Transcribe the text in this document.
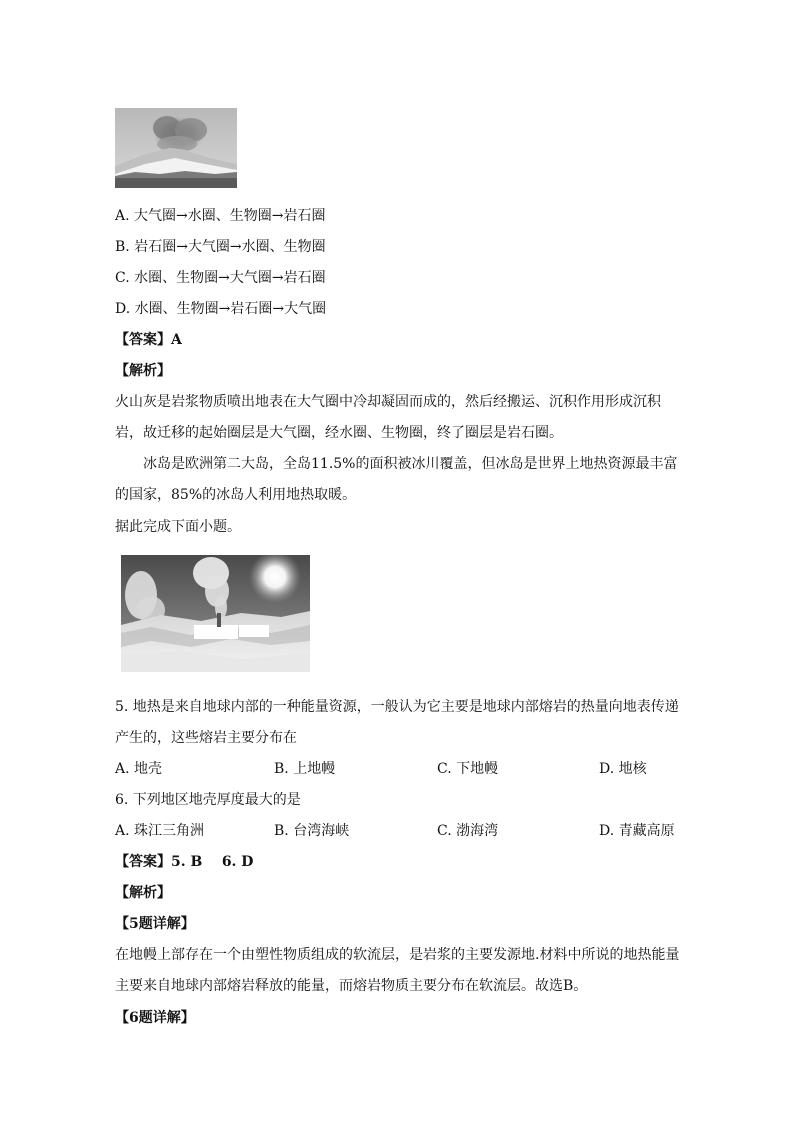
A. 大气圈→水圈、生物圈→岩石圈
B. 岩石圈→大气圈→水圈、生物圈
C. 水圈、生物圈→大气圈→岩石圈
D. 水圈、生物圈→岩石圈→大气圈
【答案】A
【解析】
火山灰是岩浆物质喷出地表在大气圈中冷却凝固而成的，然后经搬运、沉积作用形成沉积岩，故迁移的起始圈层是大气圈，经水圈、生物圈，终了圈层是岩石圈。
冰岛是欧洲第二大岛，全岛11.5%的面积被冰川覆盖，但冰岛是世界上地热资源最丰富的国家，85%的冰岛人利用地热取暖。
据此完成下面小题。
5. 地热是来自地球内部的一种能量资源，一般认为它主要是地球内部熔岩的热量向地表传递
产生的，这些熔岩主要分布在
A. 地壳	B. 上地幔	C. 下地幔	D. 地核
6. 下列地区地壳厚度最大的是
A. 珠江三角洲	B. 台湾海峡	C. 渤海湾	D. 青藏高原
【答案】5. B    6. D
【解析】
【5题详解】
在地幔上部存在一个由塑性物质组成的软流层，是岩浆的主要发源地.材料中所说的地热能量主要来自地球内部熔岩释放的能量，而熔岩物质主要分布在软流层。故选B。
【6题详解】
